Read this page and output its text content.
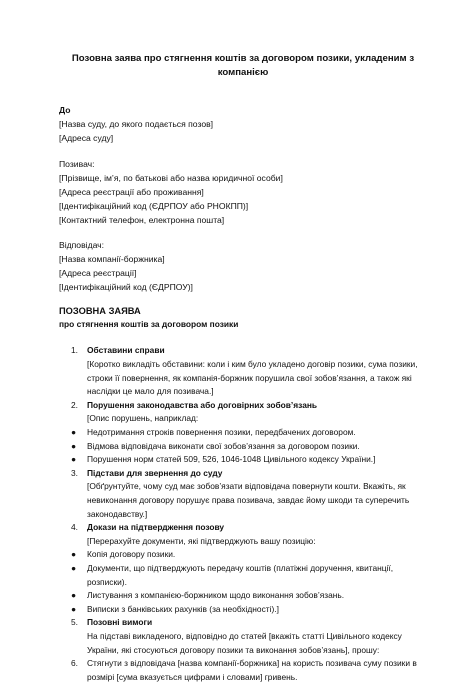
Позовна заява про стягнення коштів за договором позики, укладеним з компанією
До
[Назва суду, до якого подається позов]
[Адреса суду]
Позивач:
[Прізвище, ім’я, по батькові або назва юридичної особи]
[Адреса реєстрації або проживання]
[Ідентифікаційний код (ЄДРПОУ або РНОКПП)]
[Контактний телефон, електронна пошта]
Відповідач:
[Назва компанії-боржника]
[Адреса реєстрації]
[Ідентифікаційний код (ЄДРПОУ)]
ПОЗОВНА ЗАЯВА
про стягнення коштів за договором позики
1. Обставини справи
[Коротко викладіть обставини: коли і ким було укладено договір позики, сума позики, строки її повернення, як компанія-боржник порушила свої зобов’язання, а також які наслідки це мало для позивача.]
2. Порушення законодавства або договірних зобов’язань
[Опис порушень, наприклад:
● Недотримання строків повернення позики, передбачених договором.
● Відмова відповідача виконати свої зобов’язання за договором позики.
● Порушення норм статей 509, 526, 1046-1048 Цивільного кодексу України.]
3. Підстави для звернення до суду
[Обґрунтуйте, чому суд має зобов’язати відповідача повернути кошти. Вкажіть, як невиконання договору порушує права позивача, завдає йому шкоди та суперечить законодавству.]
4. Докази на підтвердження позову
[Перерахуйте документи, які підтверджують вашу позицію:
● Копія договору позики.
● Документи, що підтверджують передачу коштів (платіжні доручення, квитанції, розписки).
● Листування з компанією-боржником щодо виконання зобов’язань.
● Виписки з банківських рахунків (за необхідності).]
5. Позовні вимоги
На підставі викладеного, відповідно до статей [вкажіть статті Цивільного кодексу України, які стосуються договору позики та виконання зобов’язань], прошу:
6. Стягнути з відповідача [назва компанії-боржника] на користь позивача суму позики в розмірі [сума вказується цифрами і словами] гривень.
